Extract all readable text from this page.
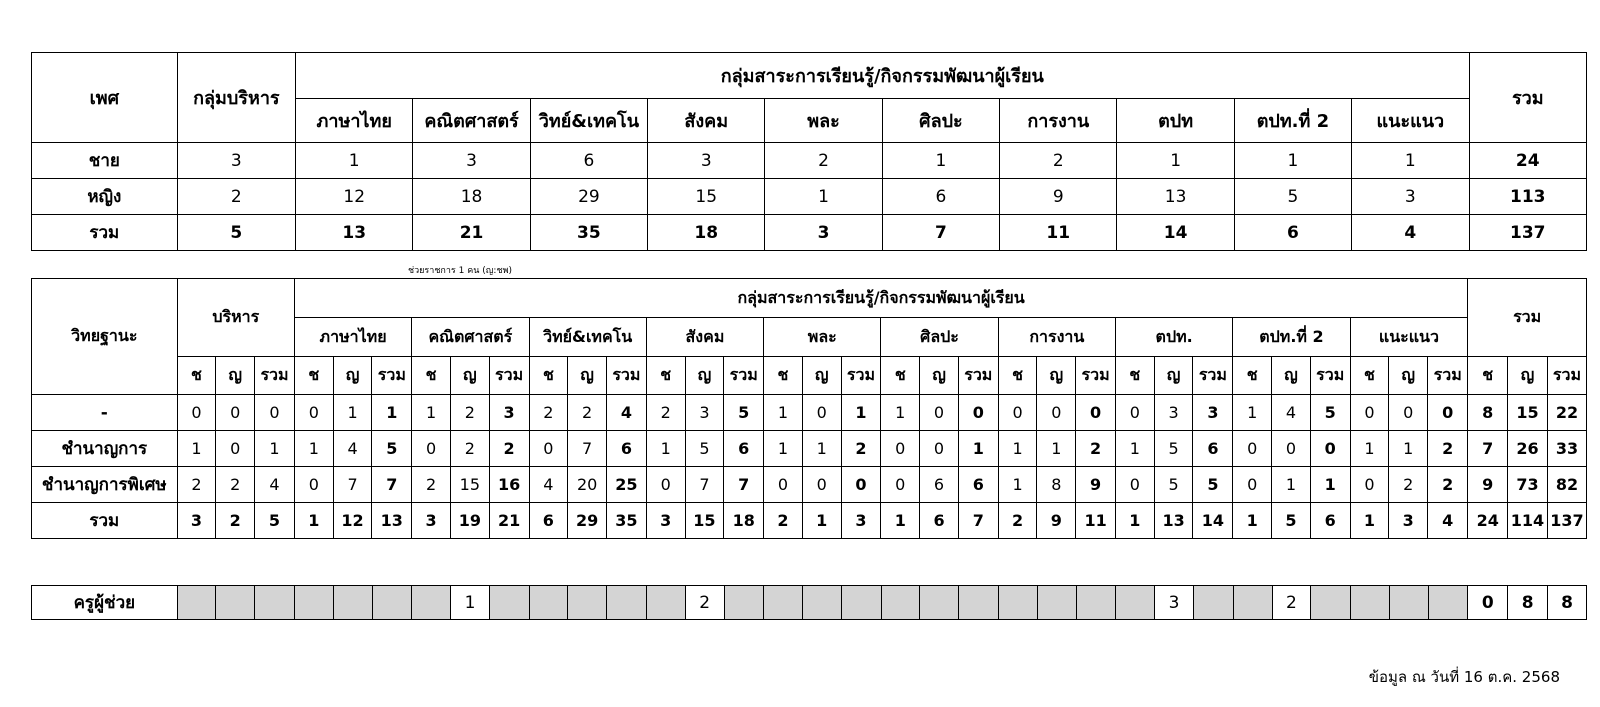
เพศ	กลุ่มบริหาร	กลุ่มสาระการเรียนรู้/กิจกรรมพัฒนาผู้เรียน										รวม
		ภาษาไทย	คณิตศาสตร์	วิทย์&เทคโน	สังคม	พละ	ศิลปะ	การงาน	ตปท	ตปท.ที่ 2	แนะแนว	
ชาย	3	1	3	6	3	2	1	2	1	1	1	24
หญิง	2	12	18	29	15	1	6	9	13	5	3	113
รวม	5	13	21	35	18	3	7	11	14	6	4	137
ช่วยราชการ 1 คน (ญ:ชพ)
วิทยฐานะ	บริหาร			กลุ่มสาระการเรียนรู้/กิจกรรมพัฒนาผู้เรียน																														รวม		
				ภาษาไทย			คณิตศาสตร์			วิทย์&เทคโน			สังคม			พละ			ศิลปะ			การงาน			ตปท.			ตปท.ที่ 2			แนะแนว					
	ช	ญ	รวม	ช	ญ	รวม	ช	ญ	รวม	ช	ญ	รวม	ช	ญ	รวม	ช	ญ	รวม	ช	ญ	รวม	ช	ญ	รวม	ช	ญ	รวม	ช	ญ	รวม	ช	ญ	รวม	ช	ญ	รวม
-	0	0	0	0	1	1	1	2	3	2	2	4	2	3	5	1	0	1	1	0	0	0	0	0	0	3	3	1	4	5	0	0	0	8	15	22
ชำนาญการ	1	0	1	1	4	5	0	2	2	0	7	6	1	5	6	1	1	2	0	0	1	1	1	2	1	5	6	0	0	0	1	1	2	7	26	33
ชำนาญการพิเศษ	2	2	4	0	7	7	2	15	16	4	20	25	0	7	7	0	0	0	0	6	6	1	8	9	0	5	5	0	1	1	0	2	2	9	73	82
รวม	3	2	5	1	12	13	3	19	21	6	29	35	3	15	18	2	1	3	1	6	7	2	9	11	1	13	14	1	5	6	1	3	4	24	114	137
ครูผู้ช่วย								1						2												3			2					0	8	8
ข้อมูล ณ วันที่ 16 ต.ค. 2568
